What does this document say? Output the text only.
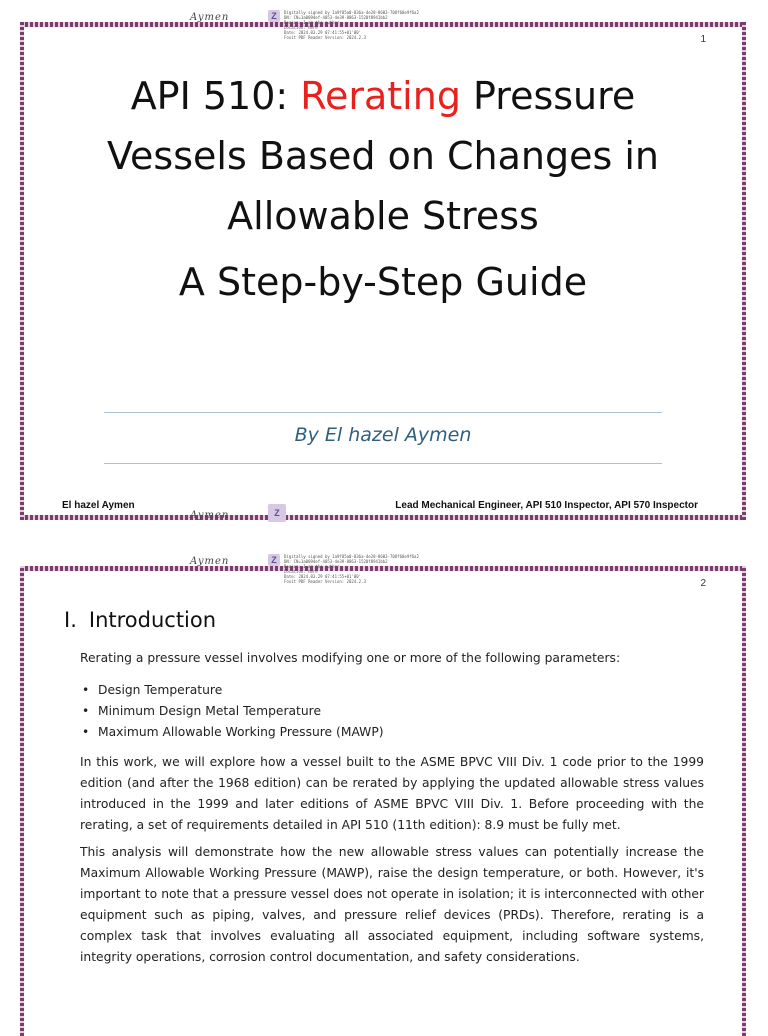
Aymen	Z	Digitally signed by 1a9f05a0-036a-4e20-8603-708f68e9f6a2
DN: CN=1a0094ef-4053-4e39-8863-1520f8941bb2
Reason: I am the author
Location: here
Date: 2024.03.29 07:41:55+01'00'
Foxit PDF Reader Version: 2024.2.3	1
API 510: Rerating Pressure
Vessels Based on Changes in
Allowable Stress
A Step-by-Step Guide
By El hazel Aymen
El hazel Aymen	Lead Mechanical Engineer, API 510 Inspector, API 570 Inspector
Aymen	Z
Aymen	Z	Digitally signed by 1a9f05a0-036a-4e20-8603-708f68e9f6a2
DN: CN=1a0094ef-4053-4e39-8863-1520f8941bb2
Reason: I am the author
Location: here
Date: 2024.03.29 07:41:55+01'00'
Foxit PDF Reader Version: 2024.2.3	2
I. Introduction
Rerating a pressure vessel involves modifying one or more of the following parameters:
• Design Temperature
• Minimum Design Metal Temperature
• Maximum Allowable Working Pressure (MAWP)
In this work, we will explore how a vessel built to the ASME BPVC VIII Div. 1 code prior to the 1999 edition (and after the 1968 edition) can be rerated by applying the updated allowable stress values introduced in the 1999 and later editions of ASME BPVC VIII Div. 1. Before proceeding with the rerating, a set of requirements detailed in API 510 (11th edition): 8.9 must be fully met.
This analysis will demonstrate how the new allowable stress values can potentially increase the Maximum Allowable Working Pressure (MAWP), raise the design temperature, or both. However, it's important to note that a pressure vessel does not operate in isolation; it is interconnected with other equipment such as piping, valves, and pressure relief devices (PRDs). Therefore, rerating is a complex task that involves evaluating all associated equipment, including software systems, integrity operations, corrosion control documentation, and safety considerations.
